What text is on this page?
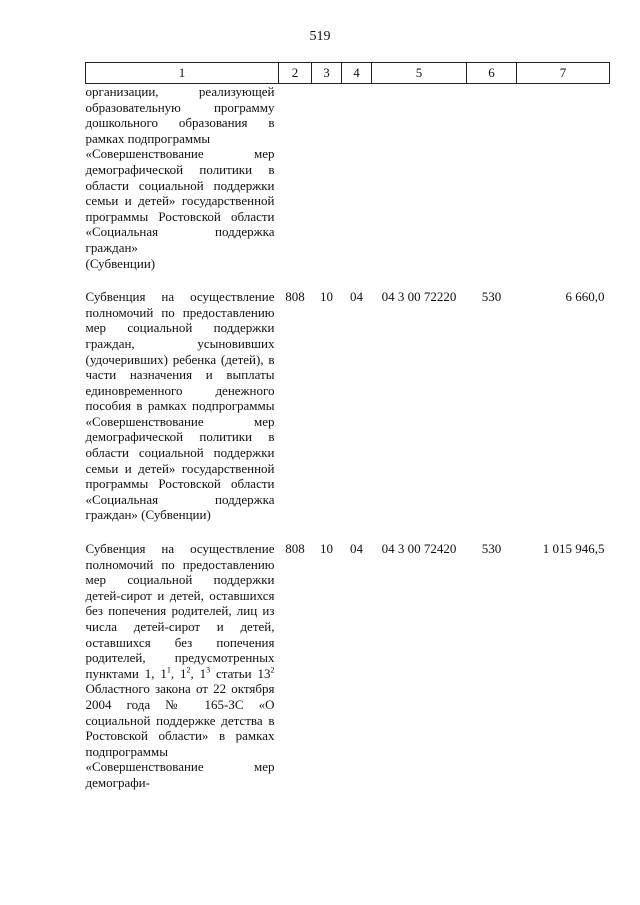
519
1	2	3	4	5	6	7

организации, реализующей
образовательную программу дошкольного образования в рамках подпрограммы
«Совершенствование мер
демографической политики в области социальной поддержки семьи и детей» государственной программы Ростовской области «Социальная поддержка граждан»
(Субвенции)						

Субвенция на осуществление полномочий по предоставлению мер социальной поддержки граждан, усыновивших (удочеривших) ребенка (детей), в части назначения и выплаты единовременного денежного пособия в рамках подпрограммы «Совершенствование мер демографической политики в области социальной поддержки семьи и детей» государственной программы Ростовской области «Социальная поддержка граждан» (Субвенции)	808	10	04	04 3 00 72220	530	6 660,0

Субвенция на осуществление полномочий по предоставлению мер социальной поддержки детей-сирот и детей, оставшихся без попечения родителей, лиц из числа детей-сирот и детей, оставшихся без попечения родителей, предусмотренных пунктами 1, $1^1$, $1^2$, $1^3$ статьи $13^2$ Областного закона от 22 октября 2004 года № 165-ЗС «О социальной поддержке детства в Ростовской области» в рамках подпрограммы «Совершенствование мер демографи-	808	10	04	04 3 00 72420	530	1 015 946,5
